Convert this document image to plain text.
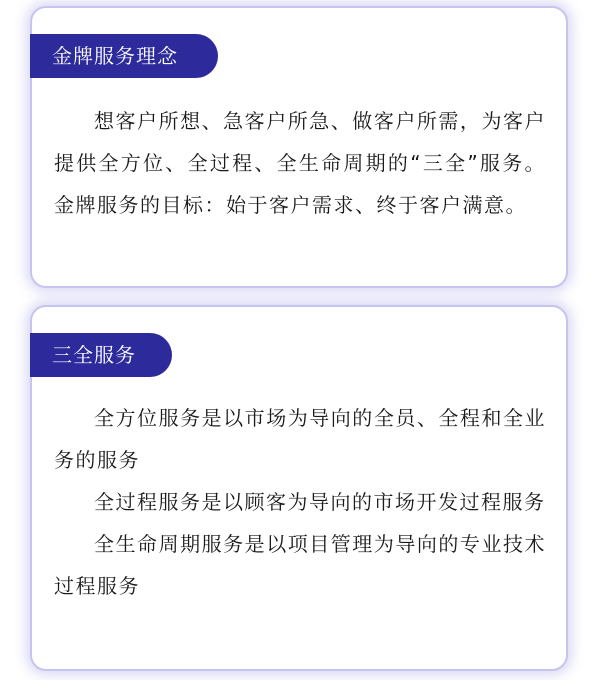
金牌服务理念

想客户所想、急客户所急、做客户所需，为客户提供全方位、全过程、全生命周期的“三全”服务。金牌服务的目标：始于客户需求、终于客户满意。

三全服务

全方位服务是以市场为导向的全员、全程和全业务的服务

全过程服务是以顾客为导向的市场开发过程服务

全生命周期服务是以项目管理为导向的专业技术过程服务
